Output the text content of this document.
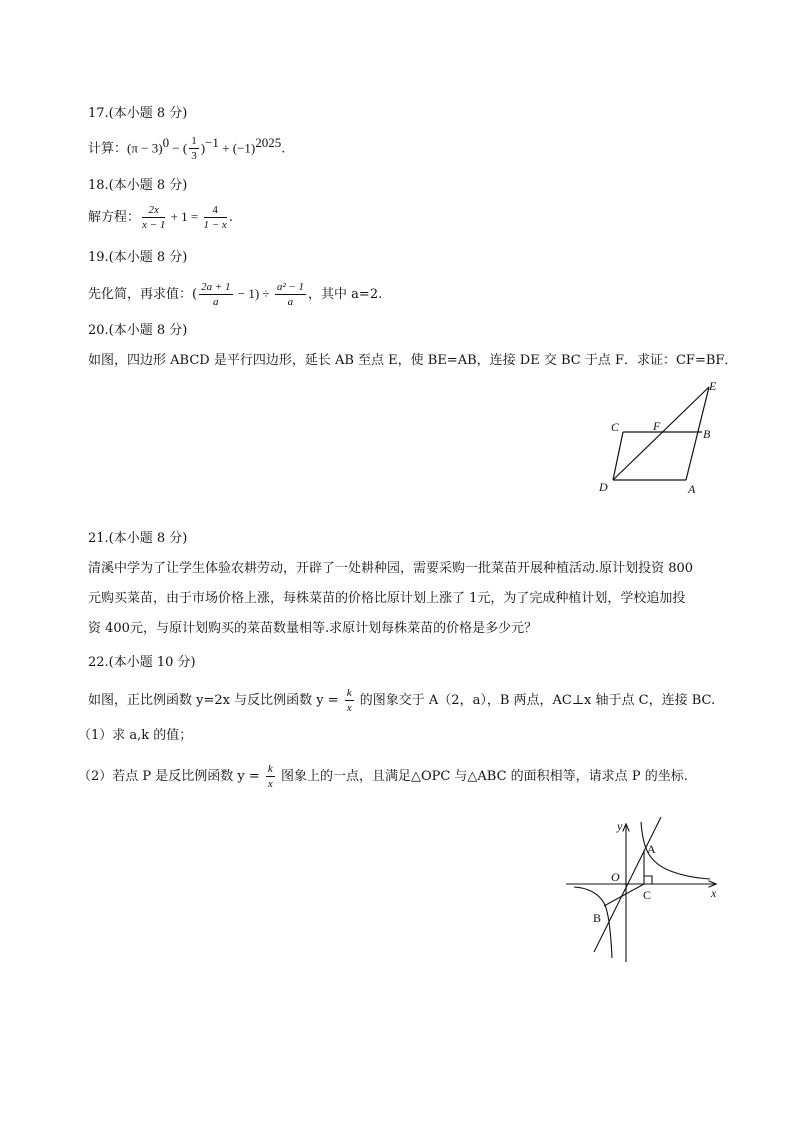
17.(本小题 8 分)
计算：$(\pi - 3)^0$ − ( $\frac{1}{3} )^{-1} + (-1)^{2025}$.
18.(本小题 8 分)
解方程： $\frac{2x}{x - 1} + 1 = \frac{4}{1 - x}$ .
19.(本小题 8 分)
先化简，再求值：( $\frac{2a + 1}{a} - 1) \div \frac{\text{a² − 1}}{a}$ ，其中 a=2.
20.(本小题 8 分)
如图，四边形 ABCD 是平行四边形，延长 AB 至点 E，使 BE=AB，连接 DE 交 BC 于点 F．求证：CF=BF．
E
C	F
B
D	A
21.(本小题 8 分)
清溪中学为了让学生体验农耕劳动，开辟了一处耕种园，需要采购一批菜苗开展种植活动.原计划投资 800
元购买菜苗，由于市场价格上涨，每株菜苗的价格比原计划上涨了 1元，为了完成种植计划，学校追加投
资 400元，与原计划购买的菜苗数量相等.求原计划每株菜苗的价格是多少元？
22.(本小题 10 分)
如图，正比例函数 y=2x 与反比例函数 $y = \frac{k}{x}$ 的图象交于 A（2，a），B 两点，AC⊥x 轴于点 C，连接 BC.
（1）求 a,k 的值；
（2）若点 P 是反比例函数 $y = \frac{k}{x}$ 图象上的一点，且满足△OPC 与△ABC 的面积相等，请求点 P 的坐标.
y
x
O
A
B
C
